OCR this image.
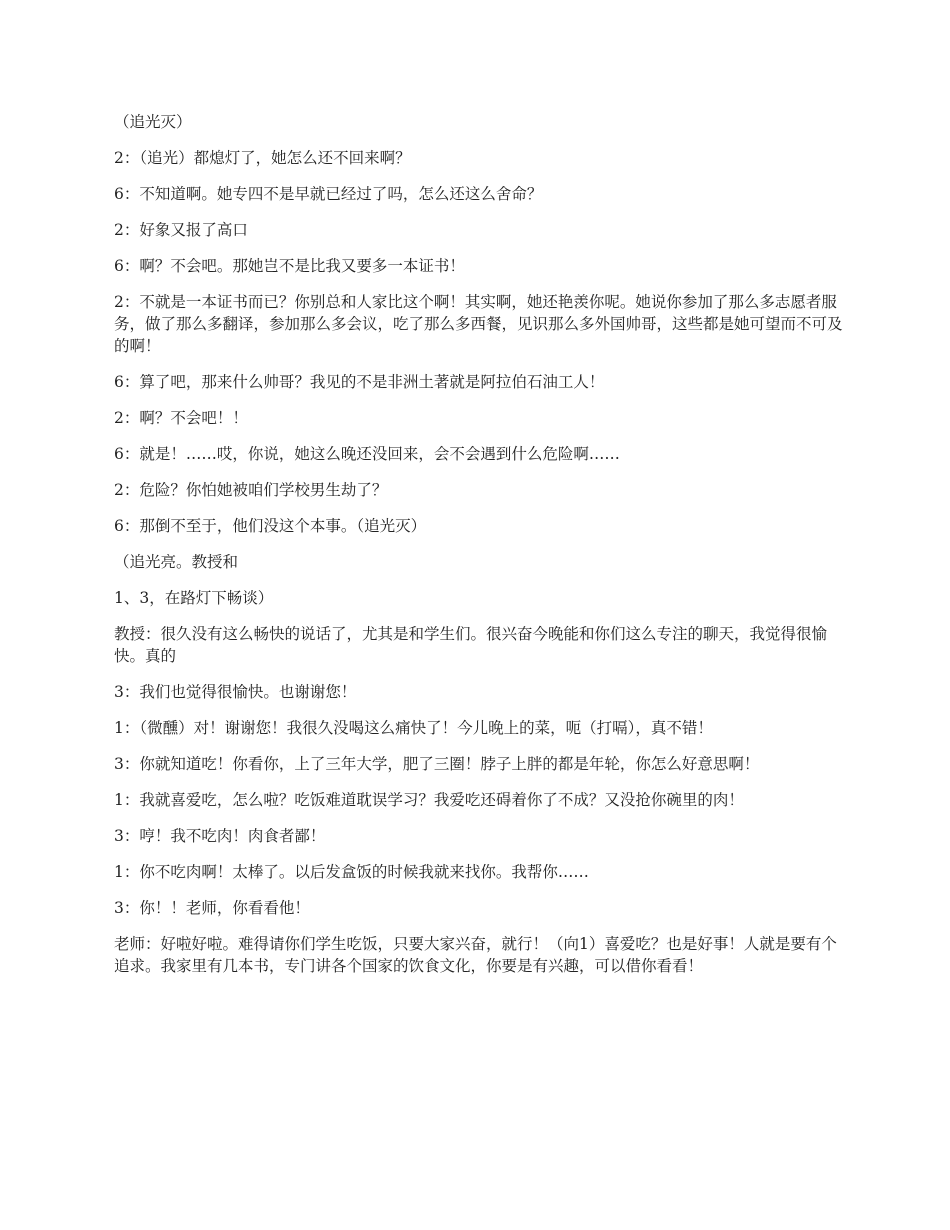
（追光灭）

2：（追光）都熄灯了，她怎么还不回来啊？

6：不知道啊。她专四不是早就已经过了吗，怎么还这么舍命？

2：好象又报了高口

6：啊？不会吧。那她岂不是比我又要多一本证书！

2：不就是一本证书而已？你别总和人家比这个啊！其实啊，她还艳羡你呢。她说你参加了那么多志愿者服务，做了那么多翻译，参加那么多会议，吃了那么多西餐，见识那么多外国帅哥，这些都是她可望而不可及的啊！

6：算了吧，那来什么帅哥？我见的不是非洲土著就是阿拉伯石油工人！

2：啊？不会吧！！

6：就是！……哎，你说，她这么晚还没回来，会不会遇到什么危险啊……

2：危险？你怕她被咱们学校男生劫了？

6：那倒不至于，他们没这个本事。（追光灭）

（追光亮。教授和

1、3，在路灯下畅谈）

教授：很久没有这么畅快的说话了，尤其是和学生们。很兴奋今晚能和你们这么专注的聊天，我觉得很愉快。真的

3：我们也觉得很愉快。也谢谢您！

1：（微醺）对！谢谢您！我很久没喝这么痛快了！今儿晚上的菜，呃（打嗝），真不错！

3：你就知道吃！你看你，上了三年大学，肥了三圈！脖子上胖的都是年轮，你怎么好意思啊！

1：我就喜爱吃，怎么啦？吃饭难道耽误学习？我爱吃还碍着你了不成？又没抢你碗里的肉！

3：哼！我不吃肉！肉食者鄙！

1：你不吃肉啊！太棒了。以后发盒饭的时候我就来找你。我帮你……

3：你！！老师，你看看他！

老师：好啦好啦。难得请你们学生吃饭，只要大家兴奋，就行！（向1）喜爱吃？也是好事！人就是要有个追求。我家里有几本书，专门讲各个国家的饮食文化，你要是有兴趣，可以借你看看！
